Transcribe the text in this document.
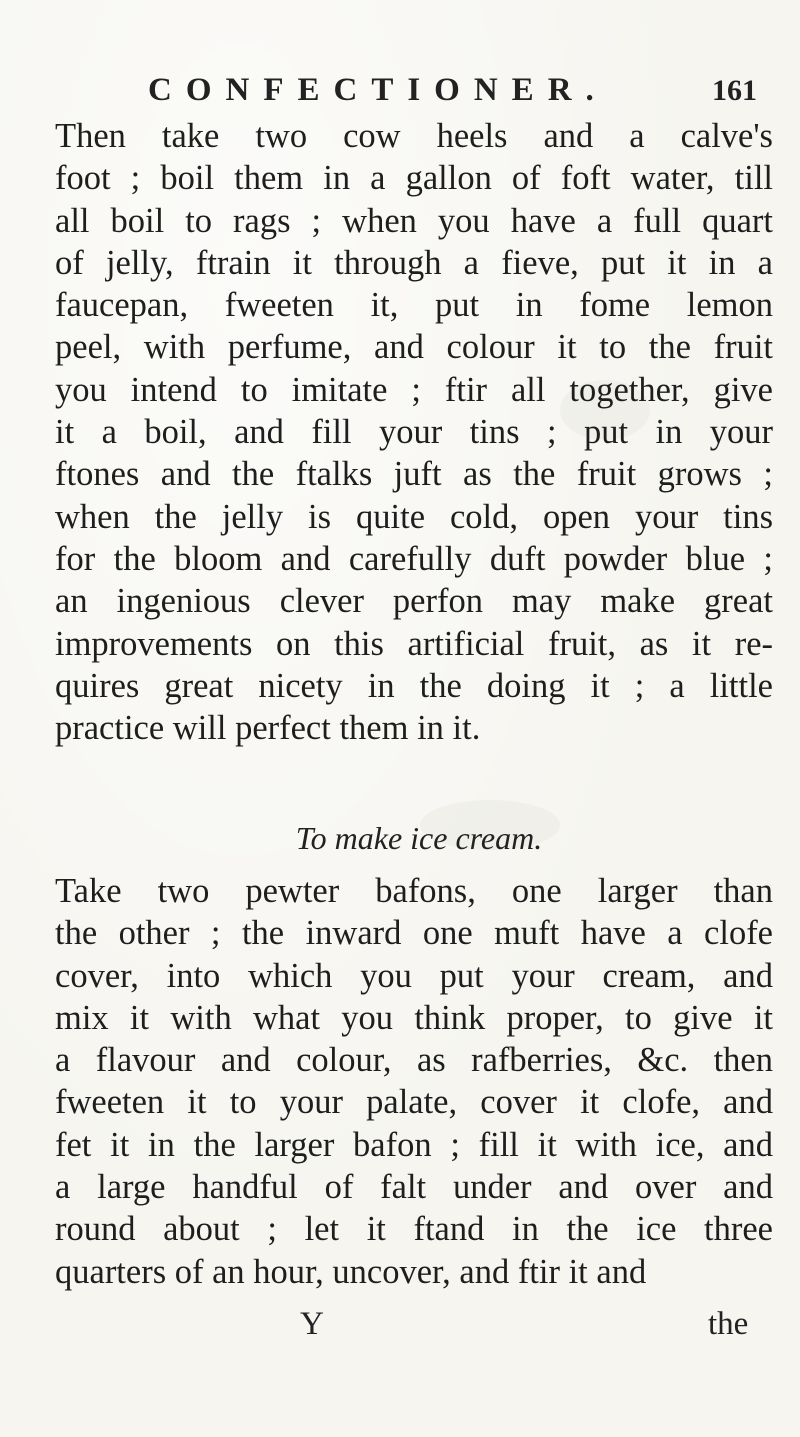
CONFECTIONER.	161
Then take two cow heels and a calve's
foot ; boil them in a gallon of foft water, till
all boil to rags ; when you have a full quart
of jelly, ftrain it through a fieve, put it in a
faucepan, fweeten it, put in fome lemon
peel, with perfume, and colour it to the fruit
you intend to imitate ; ftir all together, give
it a boil, and fill your tins ; put in your
ftones and the ftalks juft as the fruit grows ;
when the jelly is quite cold, open your tins
for the bloom and carefully duft powder blue ;
an ingenious clever perfon may make great
improvements on this artificial fruit, as it re-
quires great nicety in the doing it ; a little
practice will perfect them in it.
To make ice cream.
Take two pewter bafons, one larger than
the other ; the inward one muft have a clofe
cover, into which you put your cream, and
mix it with what you think proper, to give it
a flavour and colour, as rafberries, &c. then
fweeten it to your palate, cover it clofe, and
fet it in the larger bafon ; fill it with ice, and
a large handful of falt under and over and
round about ; let it ftand in the ice three
quarters of an hour, uncover, and ftir it and
Y	the
